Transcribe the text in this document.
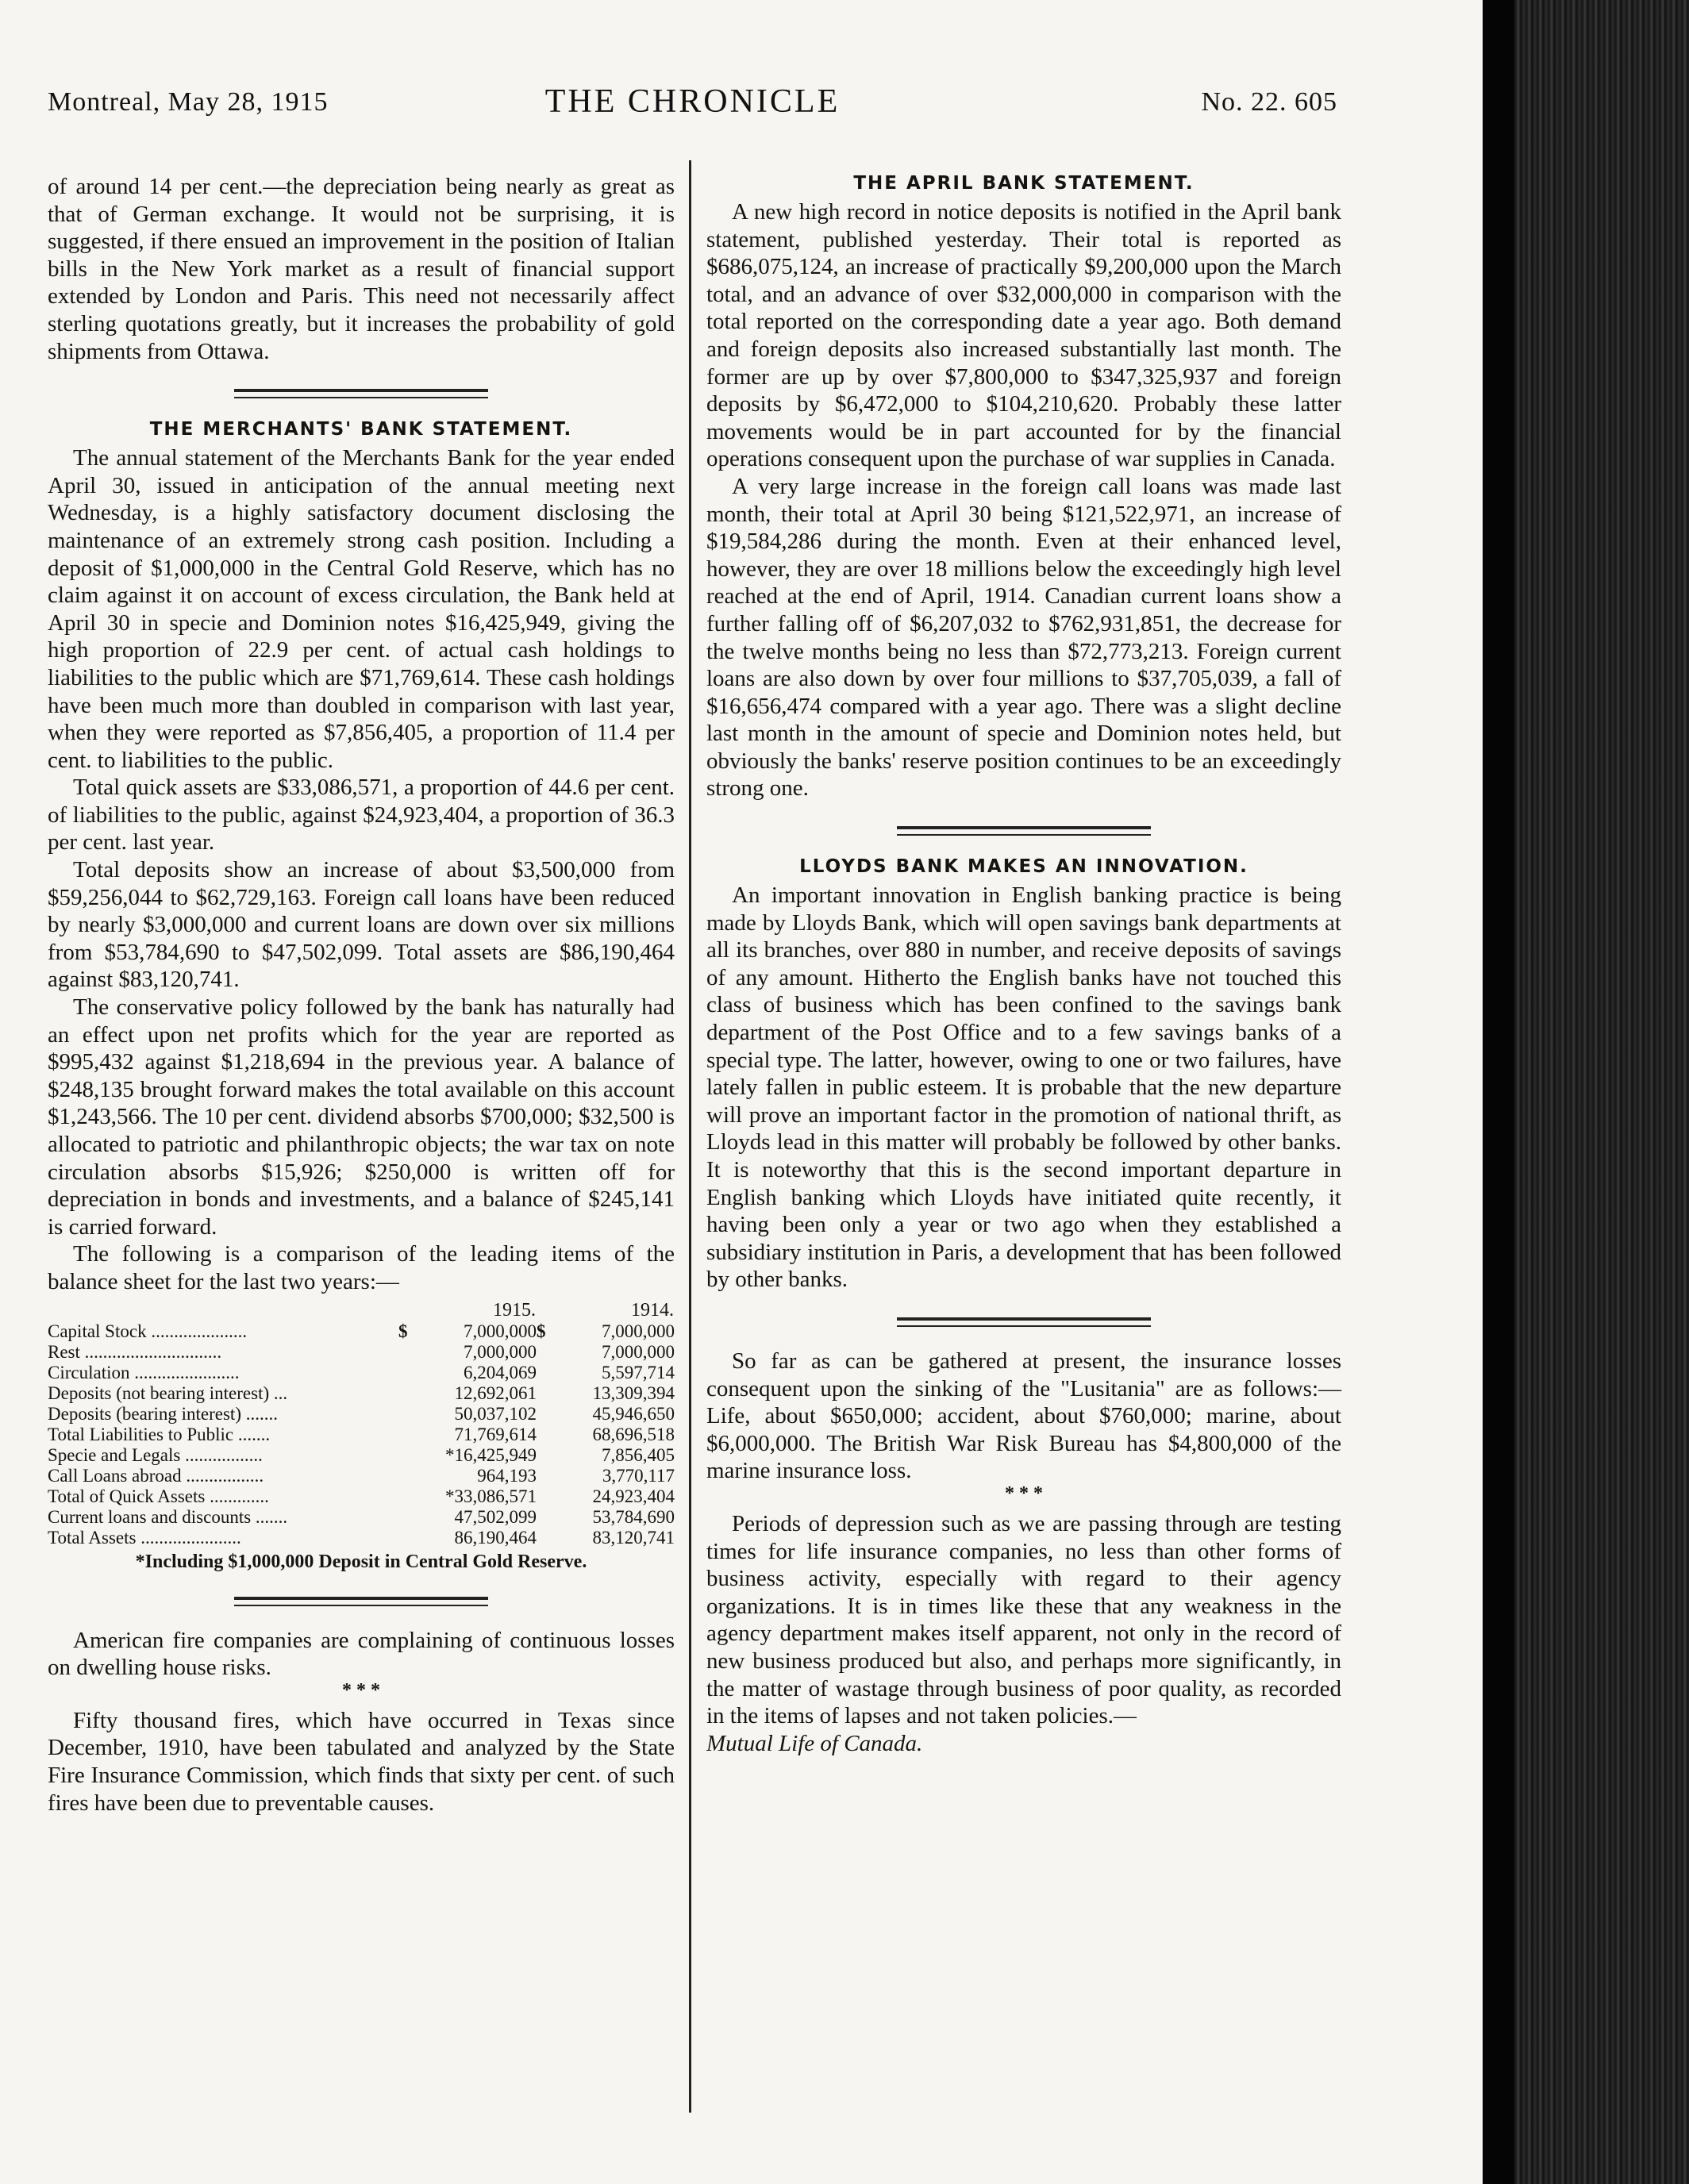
Montreal, May 28, 1915	THE CHRONICLE	No. 22. 605

of around 14 per cent.—the depreciation being nearly as great as that of German exchange. It would not be surprising, it is suggested, if there ensued an improvement in the position of Italian bills in the New York market as a result of financial support extended by London and Paris. This need not necessarily affect sterling quotations greatly, but it increases the probability of gold shipments from Ottawa.

THE MERCHANTS' BANK STATEMENT.

The annual statement of the Merchants Bank for the year ended April 30, issued in anticipation of the annual meeting next Wednesday, is a highly satisfactory document disclosing the maintenance of an extremely strong cash position. Including a deposit of $1,000,000 in the Central Gold Reserve, which has no claim against it on account of excess circulation, the Bank held at April 30 in specie and Dominion notes $16,425,949, giving the high proportion of 22.9 per cent. of actual cash holdings to liabilities to the public which are $71,769,614. These cash holdings have been much more than doubled in comparison with last year, when they were reported as $7,856,405, a proportion of 11.4 per cent. to liabilities to the public.

Total quick assets are $33,086,571, a proportion of 44.6 per cent. of liabilities to the public, against $24,923,404, a proportion of 36.3 per cent. last year.

Total deposits show an increase of about $3,500,000 from $59,256,044 to $62,729,163. Foreign call loans have been reduced by nearly $3,000,000 and current loans are down over six millions from $53,784,690 to $47,502,099. Total assets are $86,190,464 against $83,120,741.

The conservative policy followed by the bank has naturally had an effect upon net profits which for the year are reported as $995,432 against $1,218,694 in the previous year. A balance of $248,135 brought forward makes the total available on this account $1,243,566. The 10 per cent. dividend absorbs $700,000; $32,500 is allocated to patriotic and philanthropic objects; the war tax on note circulation absorbs $15,926; $250,000 is written off for depreciation in bonds and investments, and a balance of $245,141 is carried forward.

The following is a comparison of the leading items of the balance sheet for the last two years:—

		1915.		1914.
Capital Stock .....................	$	7,000,000	$	7,000,000
Rest ..............................		7,000,000		7,000,000
Circulation .......................		6,204,069		5,597,714
Deposits (not bearing interest) ...		12,692,061		13,309,394
Deposits (bearing interest) .......		50,037,102		45,946,650
Total Liabilities to Public .......		71,769,614		68,696,518
Specie and Legals .................		*16,425,949		7,856,405
Call Loans abroad .................		964,193		3,770,117
Total of Quick Assets .............		*33,086,571		24,923,404
Current loans and discounts .......		47,502,099		53,784,690
Total Assets ......................		86,190,464		83,120,741
*Including $1,000,000 Deposit in Central Gold Reserve.

American fire companies are complaining of continuous losses on dwelling house risks.

* * *

Fifty thousand fires, which have occurred in Texas since December, 1910, have been tabulated and analyzed by the State Fire Insurance Commission, which finds that sixty per cent. of such fires have been due to preventable causes.

THE APRIL BANK STATEMENT.

A new high record in notice deposits is notified in the April bank statement, published yesterday. Their total is reported as $686,075,124, an increase of practically $9,200,000 upon the March total, and an advance of over $32,000,000 in comparison with the total reported on the corresponding date a year ago. Both demand and foreign deposits also increased substantially last month. The former are up by over $7,800,000 to $347,325,937 and foreign deposits by $6,472,000 to $104,210,620. Probably these latter movements would be in part accounted for by the financial operations consequent upon the purchase of war supplies in Canada.

A very large increase in the foreign call loans was made last month, their total at April 30 being $121,522,971, an increase of $19,584,286 during the month. Even at their enhanced level, however, they are over 18 millions below the exceedingly high level reached at the end of April, 1914. Canadian current loans show a further falling off of $6,207,032 to $762,931,851, the decrease for the twelve months being no less than $72,773,213. Foreign current loans are also down by over four millions to $37,705,039, a fall of $16,656,474 compared with a year ago. There was a slight decline last month in the amount of specie and Dominion notes held, but obviously the banks' reserve position continues to be an exceedingly strong one.

LLOYDS BANK MAKES AN INNOVATION.

An important innovation in English banking practice is being made by Lloyds Bank, which will open savings bank departments at all its branches, over 880 in number, and receive deposits of savings of any amount. Hitherto the English banks have not touched this class of business which has been confined to the savings bank department of the Post Office and to a few savings banks of a special type. The latter, however, owing to one or two failures, have lately fallen in public esteem. It is probable that the new departure will prove an important factor in the promotion of national thrift, as Lloyds lead in this matter will probably be followed by other banks. It is noteworthy that this is the second important departure in English banking which Lloyds have initiated quite recently, it having been only a year or two ago when they established a subsidiary institution in Paris, a development that has been followed by other banks.

So far as can be gathered at present, the insurance losses consequent upon the sinking of the "Lusitania" are as follows:—Life, about $650,000; accident, about $760,000; marine, about $6,000,000. The British War Risk Bureau has $4,800,000 of the marine insurance loss.

* * *

Periods of depression such as we are passing through are testing times for life insurance companies, no less than other forms of business activity, especially with regard to their agency organizations. It is in times like these that any weakness in the agency department makes itself apparent, not only in the record of new business produced but also, and perhaps more significantly, in the matter of wastage through business of poor quality, as recorded in the items of lapses and not taken policies.—

Mutual Life of Canada.
